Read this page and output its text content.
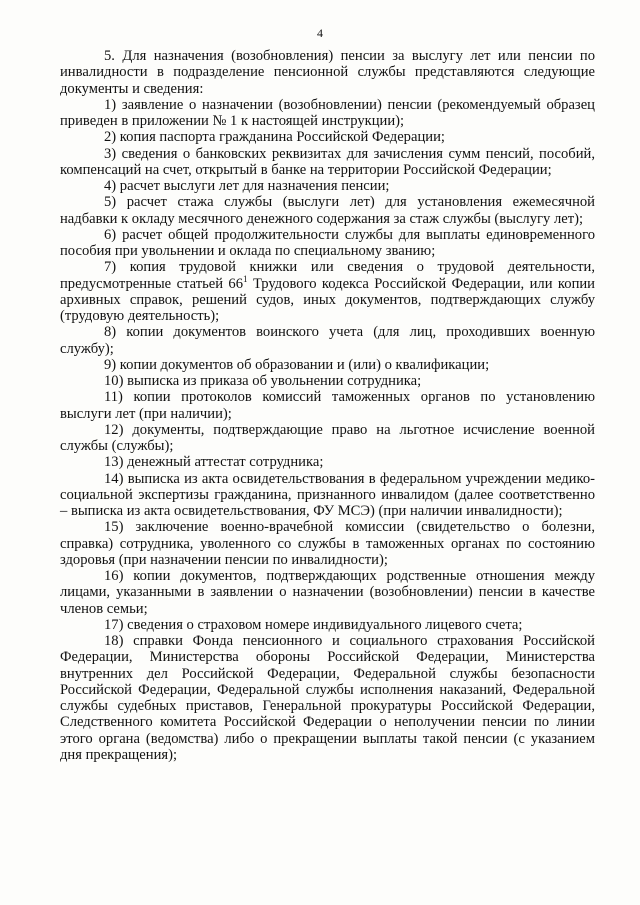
4

5. Для назначения (возобновления) пенсии за выслугу лет или пенсии по инвалидности в подразделение пенсионной службы представляются следующие документы и сведения:

1) заявление о назначении (возобновлении) пенсии (рекомендуемый образец приведен в приложении № 1 к настоящей инструкции);

2) копия паспорта гражданина Российской Федерации;

3) сведения о банковских реквизитах для зачисления сумм пенсий, пособий, компенсаций на счет, открытый в банке на территории Российской Федерации;

4) расчет выслуги лет для назначения пенсии;

5) расчет стажа службы (выслуги лет) для установления ежемесячной надбавки к окладу месячного денежного содержания за стаж службы (выслугу лет);

6) расчет общей продолжительности службы для выплаты единовременного пособия при увольнении и оклада по специальному званию;

7) копия трудовой книжки или сведения о трудовой деятельности, предусмотренные статьей $66^1$ Трудового кодекса Российской Федерации, или копии архивных справок, решений судов, иных документов, подтверждающих службу (трудовую деятельность);

8) копии документов воинского учета (для лиц, проходивших военную службу);

9) копии документов об образовании и (или) о квалификации;

10) выписка из приказа об увольнении сотрудника;

11) копии протоколов комиссий таможенных органов по установлению выслуги лет (при наличии);

12) документы, подтверждающие право на льготное исчисление военной службы (службы);

13) денежный аттестат сотрудника;

14) выписка из акта освидетельствования в федеральном учреждении медико-социальной экспертизы гражданина, признанного инвалидом (далее соответственно – выписка из акта освидетельствования, ФУ МСЭ) (при наличии инвалидности);

15) заключение военно-врачебной комиссии (свидетельство о болезни, справка) сотрудника, уволенного со службы в таможенных органах по состоянию здоровья (при назначении пенсии по инвалидности);

16) копии документов, подтверждающих родственные отношения между лицами, указанными в заявлении о назначении (возобновлении) пенсии в качестве членов семьи;

17) сведения о страховом номере индивидуального лицевого счета;

18) справки Фонда пенсионного и социального страхования Российской Федерации, Министерства обороны Российской Федерации, Министерства внутренних дел Российской Федерации, Федеральной службы безопасности Российской Федерации, Федеральной службы исполнения наказаний, Федеральной службы судебных приставов, Генеральной прокуратуры Российской Федерации, Следственного комитета Российской Федерации о неполучении пенсии по линии этого органа (ведомства) либо о прекращении выплаты такой пенсии (с указанием дня прекращения);
